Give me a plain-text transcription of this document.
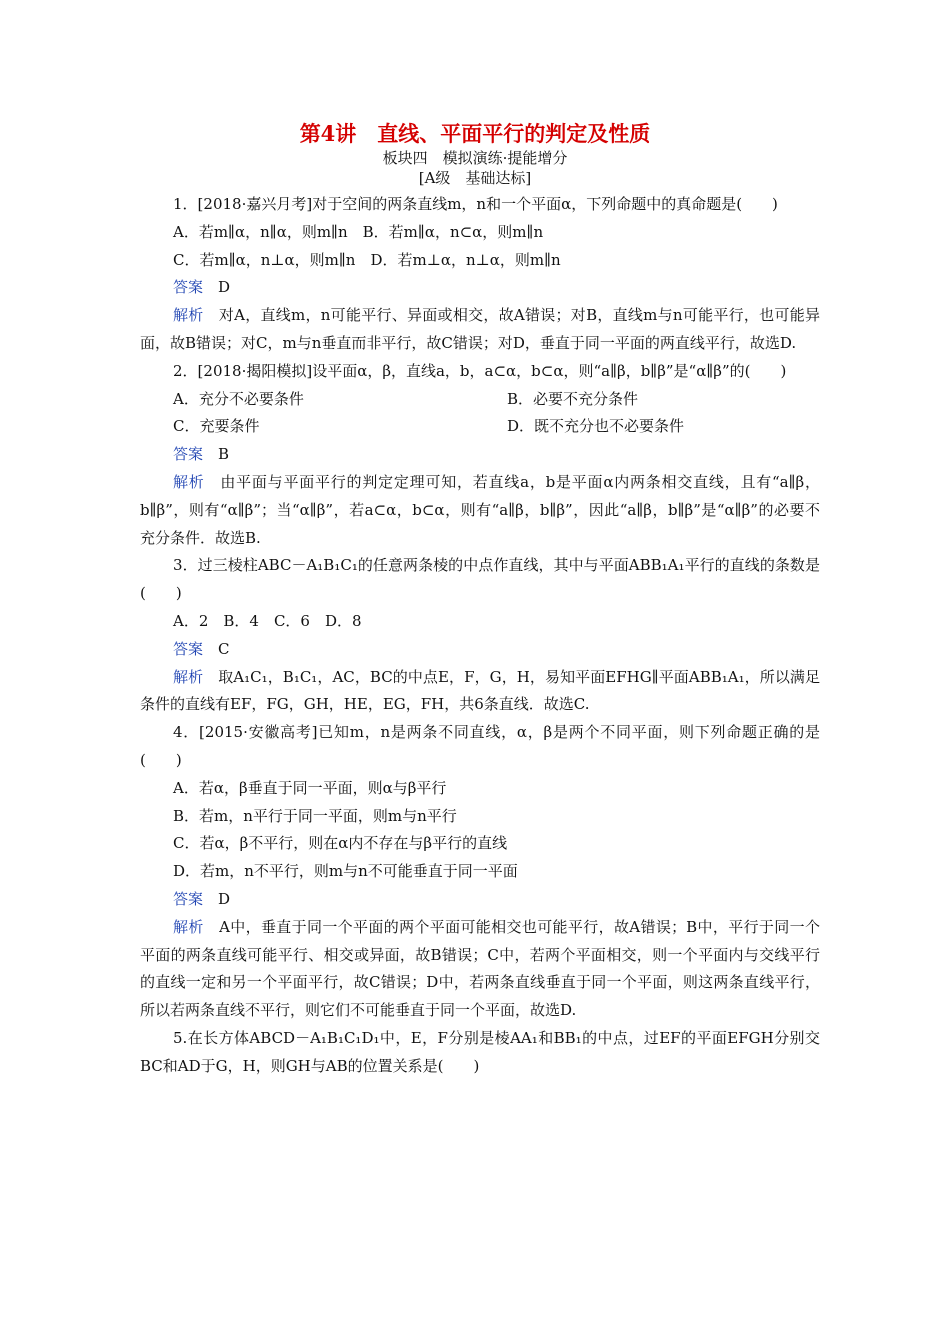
第4讲　直线、平面平行的判定及性质
板块四　模拟演练·提能增分
[A级　基础达标]
1．[2018·嘉兴月考]对于空间的两条直线m，n和一个平面α，下列命题中的真命题是(　　)
A．若m∥α，n∥α，则m∥n　B．若m∥α，n⊂α，则m∥n
C．若m∥α，n⊥α，则m∥n　D．若m⊥α，n⊥α，则m∥n
答案　 D
解析　 对A，直线m，n可能平行、异面或相交，故A错误；对B，直线m与n可能平行，也可能异面，故B错误；对C，m与n垂直而非平行，故C错误；对D，垂直于同一平面的两直线平行，故选D.
2．[2018·揭阳模拟]设平面α，β，直线a，b，a⊂α，b⊂α，则“a∥β，b∥β”是“α∥β”的(　　)
A．充分不必要条件	B．必要不充分条件
C．充要条件	D．既不充分也不必要条件
答案　 B
解析　 由平面与平面平行的判定定理可知，若直线a，b是平面α内两条相交直线，且有“a∥β，b∥β”，则有“α∥β”；当“α∥β”，若a⊂α，b⊂α，则有“a∥β，b∥β”，因此“a∥β，b∥β”是“α∥β”的必要不充分条件．故选B.
3．过三棱柱ABC－A₁B₁C₁的任意两条棱的中点作直线，其中与平面ABB₁A₁平行的直线的条数是(　　)
A．2　B．4　C．6　D．8
答案　 C
解析　 取A₁C₁，B₁C₁，AC，BC的中点E，F，G，H，易知平面EFHG∥平面ABB₁A₁，所以满足条件的直线有EF，FG，GH，HE，EG，FH，共6条直线．故选C.
4．[2015·安徽高考]已知m，n是两条不同直线，α，β是两个不同平面，则下列命题正确的是(　　)
A．若α，β垂直于同一平面，则α与β平行
B．若m，n平行于同一平面，则m与n平行
C．若α，β不平行，则在α内不存在与β平行的直线
D．若m，n不平行，则m与n不可能垂直于同一平面
答案　 D
解析　 A中，垂直于同一个平面的两个平面可能相交也可能平行，故A错误；B中，平行于同一个平面的两条直线可能平行、相交或异面，故B错误；C中，若两个平面相交，则一个平面内与交线平行的直线一定和另一个平面平行，故C错误；D中，若两条直线垂直于同一个平面，则这两条直线平行，所以若两条直线不平行，则它们不可能垂直于同一个平面，故选D.
5.在长方体ABCD－A₁B₁C₁D₁中，E，F分别是棱AA₁和BB₁的中点，过EF的平面EFGH分别交BC和AD于G，H，则GH与AB的位置关系是(　　)
